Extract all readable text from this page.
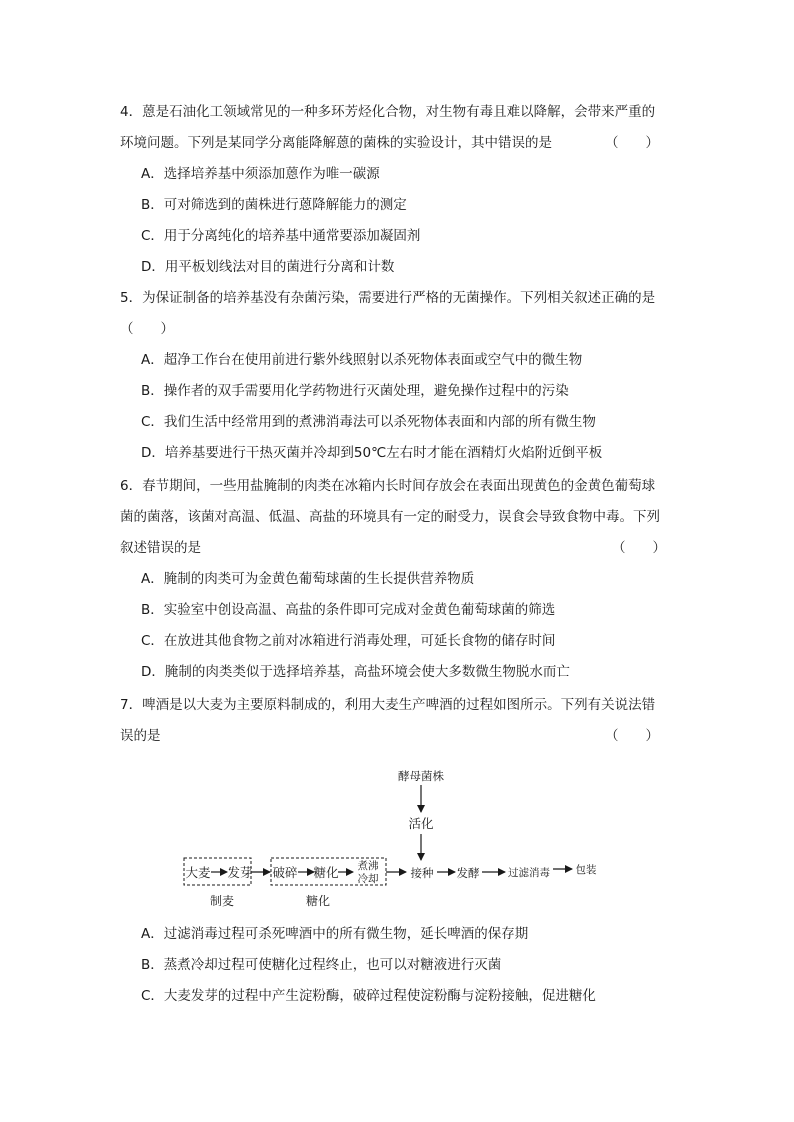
4．蒽是石油化工领域常见的一种多环芳烃化合物，对生物有毒且难以降解，会带来严重的
环境问题。下列是某同学分离能降解蒽的菌株的实验设计，其中错误的是	（　　）
A．选择培养基中须添加蒽作为唯一碳源
B．可对筛选到的菌株进行蒽降解能力的测定
C．用于分离纯化的培养基中通常要添加凝固剂
D．用平板划线法对目的菌进行分离和计数
5．为保证制备的培养基没有杂菌污染，需要进行严格的无菌操作。下列相关叙述正确的是
（　　）
A．超净工作台在使用前进行紫外线照射以杀死物体表面或空气中的微生物
B．操作者的双手需要用化学药物进行灭菌处理，避免操作过程中的污染
C．我们生活中经常用到的煮沸消毒法可以杀死物体表面和内部的所有微生物
D．培养基要进行干热灭菌并冷却到50℃左右时才能在酒精灯火焰附近倒平板
6．春节期间，一些用盐腌制的肉类在冰箱内长时间存放会在表面出现黄色的金黄色葡萄球
菌的菌落，该菌对高温、低温、高盐的环境具有一定的耐受力，误食会导致食物中毒。下列
叙述错误的是	（　　）
A．腌制的肉类可为金黄色葡萄球菌的生长提供营养物质
B．实验室中创设高温、高盐的条件即可完成对金黄色葡萄球菌的筛选
C．在放进其他食物之前对冰箱进行消毒处理，可延长食物的储存时间
D．腌制的肉类类似于选择培养基，高盐环境会使大多数微生物脱水而亡
7．啤酒是以大麦为主要原料制成的，利用大麦生产啤酒的过程如图所示。下列有关说法错
误的是	（　　）
酵母菌株
活化
大麦 发芽 破碎 糖化 煮沸
冷却	接种 发酵	过滤消毒 包装
制麦	糖化
A．过滤消毒过程可杀死啤酒中的所有微生物，延长啤酒的保存期
B．蒸煮冷却过程可使糖化过程终止，也可以对糖液进行灭菌
C．大麦发芽的过程中产生淀粉酶，破碎过程使淀粉酶与淀粉接触，促进糖化
